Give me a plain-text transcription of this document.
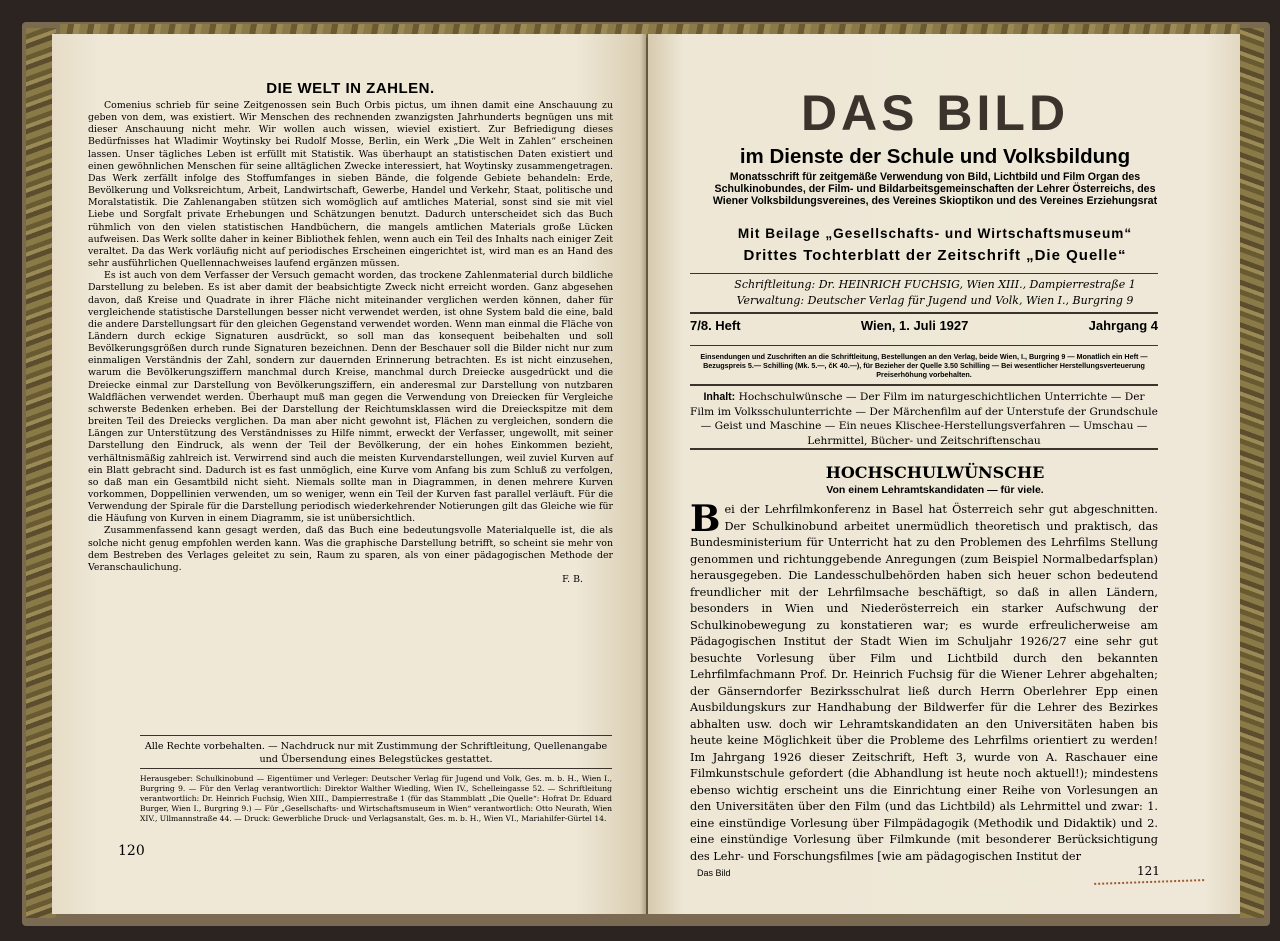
DIE WELT IN ZAHLEN.

Comenius schrieb für seine Zeitgenossen sein Buch Orbis pictus, um ihnen damit eine Anschauung zu geben von dem, was existiert. Wir Menschen des rechnenden zwanzigsten Jahrhunderts begnügen uns mit dieser Anschauung nicht mehr. Wir wollen auch wissen, wieviel existiert. Zur Befriedigung dieses Bedürfnisses hat Wladimir Woytinsky bei Rudolf Mosse, Berlin, ein Werk „Die Welt in Zahlen“ erscheinen lassen. Unser tägliches Leben ist erfüllt mit Statistik. Was überhaupt an statistischen Daten existiert und einen gewöhnlichen Menschen für seine alltäglichen Zwecke interessiert, hat Woytinsky zusammengetragen. Das Werk zerfällt infolge des Stoffumfanges in sieben Bände, die folgende Gebiete behandeln: Erde, Bevölkerung und Volksreichtum, Arbeit, Landwirtschaft, Gewerbe, Handel und Verkehr, Staat, politische und Moralstatistik. Die Zahlenangaben stützen sich womöglich auf amtliches Material, sonst sind sie mit viel Liebe und Sorgfalt private Erhebungen und Schätzungen benutzt. Dadurch unterscheidet sich das Buch rühmlich von den vielen statistischen Handbüchern, die mangels amtlichen Materials große Lücken aufweisen. Das Werk sollte daher in keiner Bibliothek fehlen, wenn auch ein Teil des Inhalts nach einiger Zeit veraltet. Da das Werk vorläufig nicht auf periodisches Erscheinen eingerichtet ist, wird man es an Hand des sehr ausführlichen Quellennachweises laufend ergänzen müssen.

Es ist auch von dem Verfasser der Versuch gemacht worden, das trockene Zahlenmaterial durch bildliche Darstellung zu beleben. Es ist aber damit der beabsichtigte Zweck nicht erreicht worden. Ganz abgesehen davon, daß Kreise und Quadrate in ihrer Fläche nicht miteinander verglichen werden können, daher für vergleichende statistische Darstellungen besser nicht verwendet werden, ist ohne System bald die eine, bald die andere Darstellungsart für den gleichen Gegenstand verwendet worden. Wenn man einmal die Fläche von Ländern durch eckige Signaturen ausdrückt, so soll man das konsequent beibehalten und soll Bevölkerungsgrößen durch runde Signaturen bezeichnen. Denn der Beschauer soll die Bilder nicht nur zum einmaligen Verständnis der Zahl, sondern zur dauernden Erinnerung betrachten. Es ist nicht einzusehen, warum die Bevölkerungsziffern manchmal durch Kreise, manchmal durch Dreiecke ausgedrückt und die Dreiecke einmal zur Darstellung von Bevölkerungsziffern, ein anderesmal zur Darstellung von nutzbaren Waldflächen verwendet werden. Überhaupt muß man gegen die Verwendung von Dreiecken für Vergleiche schwerste Bedenken erheben. Bei der Darstellung der Reichtumsklassen wird die Dreieckspitze mit dem breiten Teil des Dreiecks verglichen. Da man aber nicht gewohnt ist, Flächen zu vergleichen, sondern die Längen zur Unterstützung des Verständnisses zu Hilfe nimmt, erweckt der Verfasser, ungewollt, mit seiner Darstellung den Eindruck, als wenn der Teil der Bevölkerung, der ein hohes Einkommen bezieht, verhältnismäßig zahlreich ist. Verwirrend sind auch die meisten Kurvendarstellungen, weil zuviel Kurven auf ein Blatt gebracht sind. Dadurch ist es fast unmöglich, eine Kurve vom Anfang bis zum Schluß zu verfolgen, so daß man ein Gesamtbild nicht sieht. Niemals sollte man in Diagrammen, in denen mehrere Kurven vorkommen, Doppellinien verwenden, um so weniger, wenn ein Teil der Kurven fast parallel verläuft. Für die Verwendung der Spirale für die Darstellung periodisch wiederkehrender Notierungen gilt das Gleiche wie für die Häufung von Kurven in einem Diagramm, sie ist unübersichtlich.

Zusammenfassend kann gesagt werden, daß das Buch eine bedeutungsvolle Materialquelle ist, die als solche nicht genug empfohlen werden kann. Was die graphische Darstellung betrifft, so scheint sie mehr von dem Bestreben des Verlages geleitet zu sein, Raum zu sparen, als von einer pädagogischen Methode der Veranschaulichung.

F. B.

Alle Rechte vorbehalten. — Nachdruck nur mit Zustimmung der Schriftleitung, Quellenangabe und Übersendung eines Belegstückes gestattet.
Herausgeber: Schulkinobund — Eigentümer und Verleger: Deutscher Verlag für Jugend und Volk, Ges. m. b. H., Wien I., Burgring 9. — Für den Verlag verantwortlich: Direktor Walther Wiedling, Wien IV., Schelleingasse 52. — Schriftleitung verantwortlich: Dr. Heinrich Fuchsig, Wien XIII., Dampierrestraße 1 (für das Stammblatt „Die Quelle“: Hofrat Dr. Eduard Burger, Wien I., Burgring 9.) — Für „Gesellschafts- und Wirtschaftsmuseum in Wien“ verantwortlich: Otto Neurath, Wien XIV., Ullmannstraße 44. — Druck: Gewerbliche Druck- und Verlagsanstalt, Ges. m. b. H., Wien VI., Mariahilfer-Gürtel 14.
120
DAS BILD
im Dienste der Schule und Volksbildung
Monatsschrift für zeitgemäße Verwendung von Bild, Lichtbild und Film Organ des Schulkinobundes, der Film- und Bildarbeitsgemeinschaften der Lehrer Österreichs, des Wiener Volksbildungsvereines, des Vereines Skioptikon und des Vereines Erziehungsrat
Mit Beilage „Gesellschafts- und Wirtschaftsmuseum“
Drittes Tochterblatt der Zeitschrift „Die Quelle“
Schriftleitung: Dr. HEINRICH FUCHSIG, Wien XIII., Dampierrestraße 1
Verwaltung: Deutscher Verlag für Jugend und Volk, Wien I., Burgring 9
7/8. Heft	Wien, 1. Juli 1927	Jahrgang 4
Einsendungen und Zuschriften an die Schriftleitung, Bestellungen an den Verlag, beide Wien, I., Burgring 9 — Monatlich ein Heft — Bezugspreis 5.— Schilling (Mk. 5.—, čK 40.—), für Bezieher der Quelle 3.50 Schilling — Bei wesentlicher Herstellungsverteuerung Preiserhöhung vorbehalten.
Inhalt: Hochschulwünsche — Der Film im naturgeschichtlichen Unterrichte — Der Film im Volksschulunterrichte — Der Märchenfilm auf der Unterstufe der Grundschule — Geist und Maschine — Ein neues Klischee-Herstellungsverfahren — Umschau — Lehrmittel, Bücher- und Zeitschriftenschau
HOCHSCHULWÜNSCHE
Von einem Lehramtskandidaten — für viele.
B ei der Lehrfilmkonferenz in Basel hat Österreich sehr gut abgeschnitten. Der Schulkinobund arbeitet unermüdlich theoretisch und praktisch, das Bundesministerium für Unterricht hat zu den Problemen des Lehrfilms Stellung genommen und richtunggebende Anregungen (zum Beispiel Normalbedarfsplan) herausgegeben. Die Landesschulbehörden haben sich heuer schon bedeutend freundlicher mit der Lehrfilmsache beschäftigt, so daß in allen Ländern, besonders in Wien und Niederösterreich ein starker Aufschwung der Schulkinobewegung zu konstatieren war; es wurde erfreulicherweise am Pädagogischen Institut der Stadt Wien im Schuljahr 1926/27 eine sehr gut besuchte Vorlesung über Film und Lichtbild durch den bekannten Lehrfilmfachmann Prof. Dr. Heinrich Fuchsig für die Wiener Lehrer abgehalten; der Gänserndorfer Bezirksschulrat ließ durch Herrn Oberlehrer Epp einen Ausbildungskurs zur Handhabung der Bildwerfer für die Lehrer des Bezirkes abhalten usw. doch wir Lehramtskandidaten an den Universitäten haben bis heute keine Möglichkeit über die Probleme des Lehrfilms orientiert zu werden! Im Jahrgang 1926 dieser Zeitschrift, Heft 3, wurde von A. Raschauer eine Filmkunstschule gefordert (die Abhandlung ist heute noch aktuell!); mindestens ebenso wichtig erscheint uns die Einrichtung einer Reihe von Vorlesungen an den Universitäten über den Film (und das Lichtbild) als Lehrmittel und zwar: 1. eine einstündige Vorlesung über Filmpädagogik (Methodik und Didaktik) und 2. eine einstündige Vorlesung über Filmkunde (mit besonderer Berücksichtigung des Lehr- und Forschungsfilmes [wie am pädagogischen Institut der
Das Bild	121
